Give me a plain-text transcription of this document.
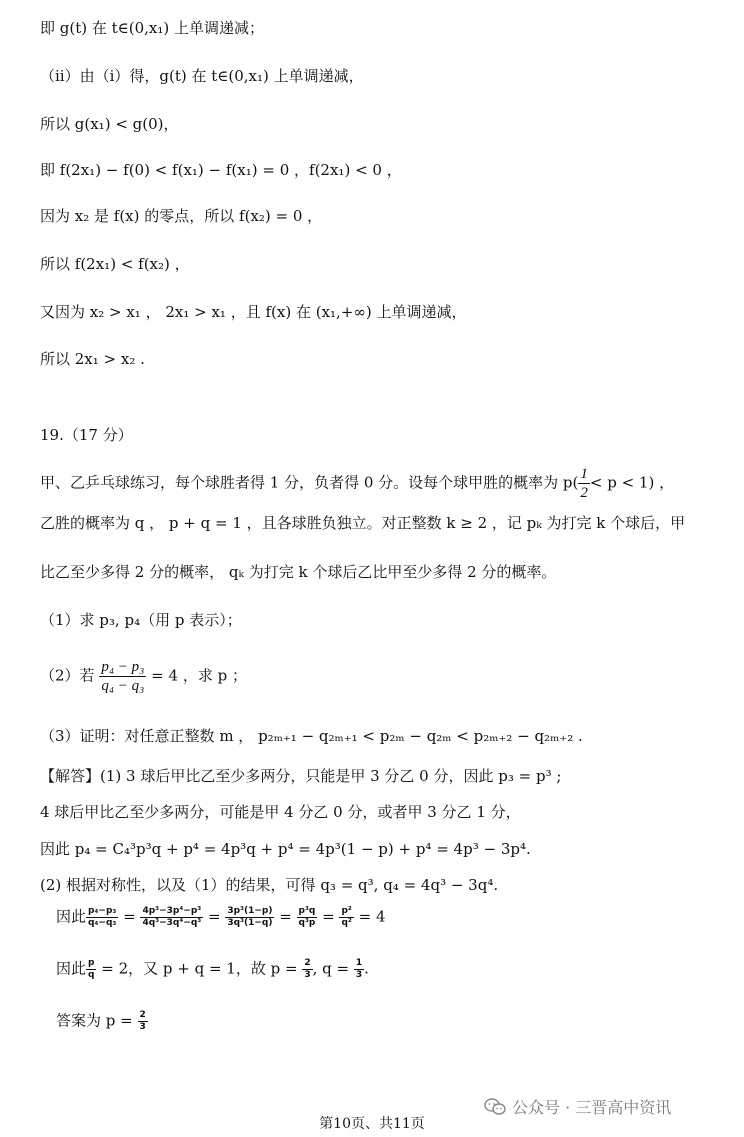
即 g(t) 在 t∈(0,x₁) 上单调递减；
（ii）由（i）得，g(t) 在 t∈(0,x₁) 上单调递减，
所以 g(x₁) < g(0)，
即 f(2x₁) − f(0) < f(x₁) − f(x₁) = 0 ，f(2x₁) < 0 ，
因为 x₂ 是 f(x) 的零点，所以 f(x₂) = 0 ，
所以 f(2x₁) < f(x₂) ，
又因为 x₂ > x₁ ， 2x₁ > x₁ ，且 f(x) 在 (x₁,+∞) 上单调递减，
所以 2x₁ > x₂ .
19.（17 分）
甲、乙乒乓球练习，每个球胜者得 1 分，负者得 0 分。设每个球甲胜的概率为 $p( \frac{1}{2} < p < 1)$ ，
乙胜的概率为 q ， p + q = 1 ，且各球胜负独立。对正整数 k ≥ 2 ，记 pₖ 为打完 k 个球后，甲
比乙至少多得 2 分的概率， qₖ 为打完 k 个球后乙比甲至少多得 2 分的概率。
（1）求 p₃, p₄（用 p 表示）；
（2）若 $\frac{\text{p₄ − p₃}}{\text{q₄ − q₃}} = 4$ ，求 p ；
（3）证明：对任意正整数 m ， p₂ₘ₊₁ − q₂ₘ₊₁ < p₂ₘ − q₂ₘ < p₂ₘ₊₂ − q₂ₘ₊₂ .
【解答】(1) 3 球后甲比乙至少多两分，只能是甲 3 分乙 0 分，因此 p₃ = p³ ;
4 球后甲比乙至少多两分，可能是甲 4 分乙 0 分，或者甲 3 分乙 1 分，
因此 p₄ = C₄³p³q + p⁴ = 4p³q + p⁴ = 4p³(1 − p) + p⁴ = 4p³ − 3p⁴.
(2) 根据对称性，以及（1）的结果，可得 q₃ = q³, q₄ = 4q³ − 3q⁴.
因此 $\frac{\text{p₄−p₃}}{\text{q₄−q₃}} = \frac{\text{4p³−3p⁴−p³}}{\text{4q³−3q⁴−q³}} = \frac{\text{3p³(1−p)}}{\text{3q³(1−q)}} = \frac{\text{p³q}}{\text{q³p}} = \frac{\text{p²}}{\text{q²}} = 4$
因此 $\frac{p}{q} = 2$，又 p + q = 1，故 $p = \frac{2}{3}$ , $q = \frac{1}{3}$ .
答案为 $p = \frac{2}{3}$
公众号 · 三晋高中资讯
第10页、共11页
